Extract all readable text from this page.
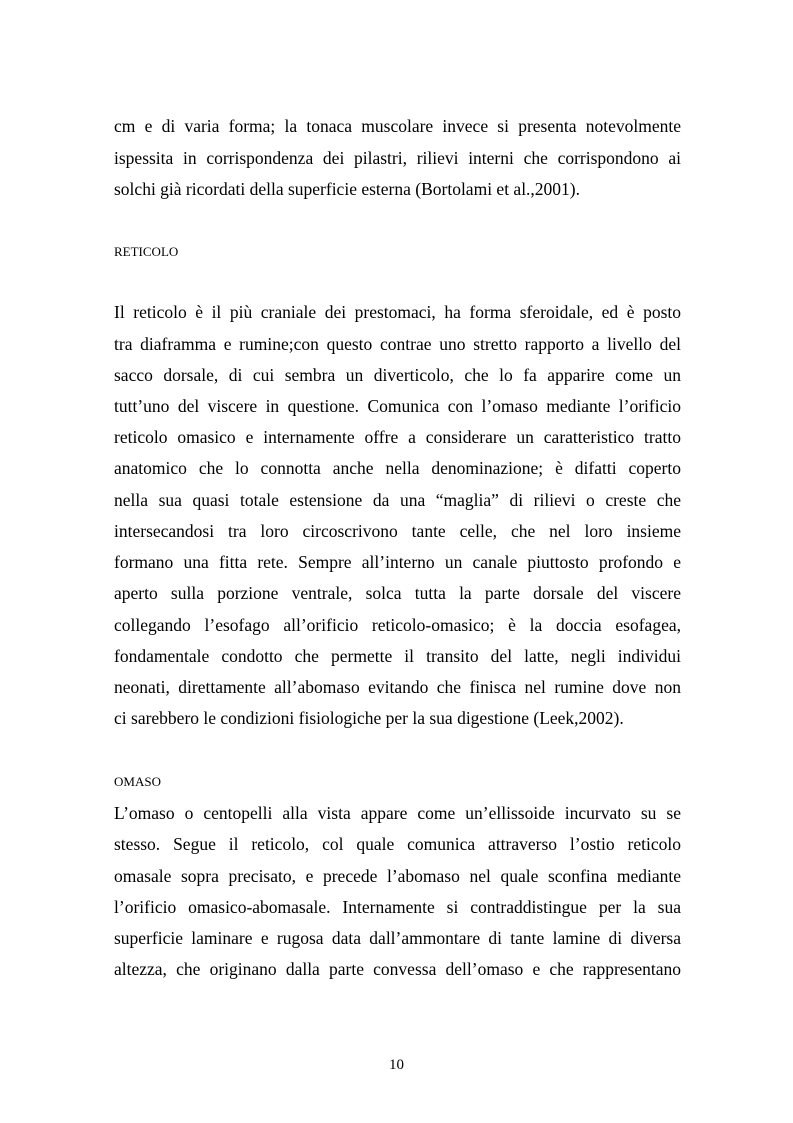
cm e di varia forma; la tonaca muscolare invece si presenta notevolmente
ispessita in corrispondenza dei pilastri, rilievi interni che corrispondono ai
solchi già ricordati della superficie esterna (Bortolami et al.,2001).
RETICOLO
Il reticolo è il più craniale dei prestomaci, ha forma sferoidale, ed è posto
tra diaframma e rumine;con questo contrae uno stretto rapporto a livello del
sacco dorsale, di cui sembra un diverticolo, che lo fa apparire come un
tutt’uno del viscere in questione. Comunica con l’omaso mediante l’orificio
reticolo omasico e internamente offre a considerare un caratteristico tratto
anatomico che lo connotta anche nella denominazione; è difatti coperto
nella sua quasi totale estensione da una “maglia” di rilievi o creste che
intersecandosi tra loro circoscrivono tante celle, che nel loro insieme
formano una fitta rete. Sempre all’interno un canale piuttosto profondo e
aperto sulla porzione ventrale, solca tutta la parte dorsale del viscere
collegando l’esofago all’orificio reticolo-omasico; è la doccia esofagea,
fondamentale condotto che permette il transito del latte, negli individui
neonati, direttamente all’abomaso evitando che finisca nel rumine dove non
ci sarebbero le condizioni fisiologiche per la sua digestione (Leek,2002).
OMASO
L’omaso o centopelli alla vista appare come un’ellissoide incurvato su se
stesso. Segue il reticolo, col quale comunica attraverso l’ostio reticolo
omasale sopra precisato, e precede l’abomaso nel quale sconfina mediante
l’orificio omasico-abomasale. Internamente si contraddistingue per la sua
superficie laminare e rugosa data dall’ammontare di tante lamine di diversa
altezza, che originano dalla parte convessa dell’omaso e che rappresentano
10
